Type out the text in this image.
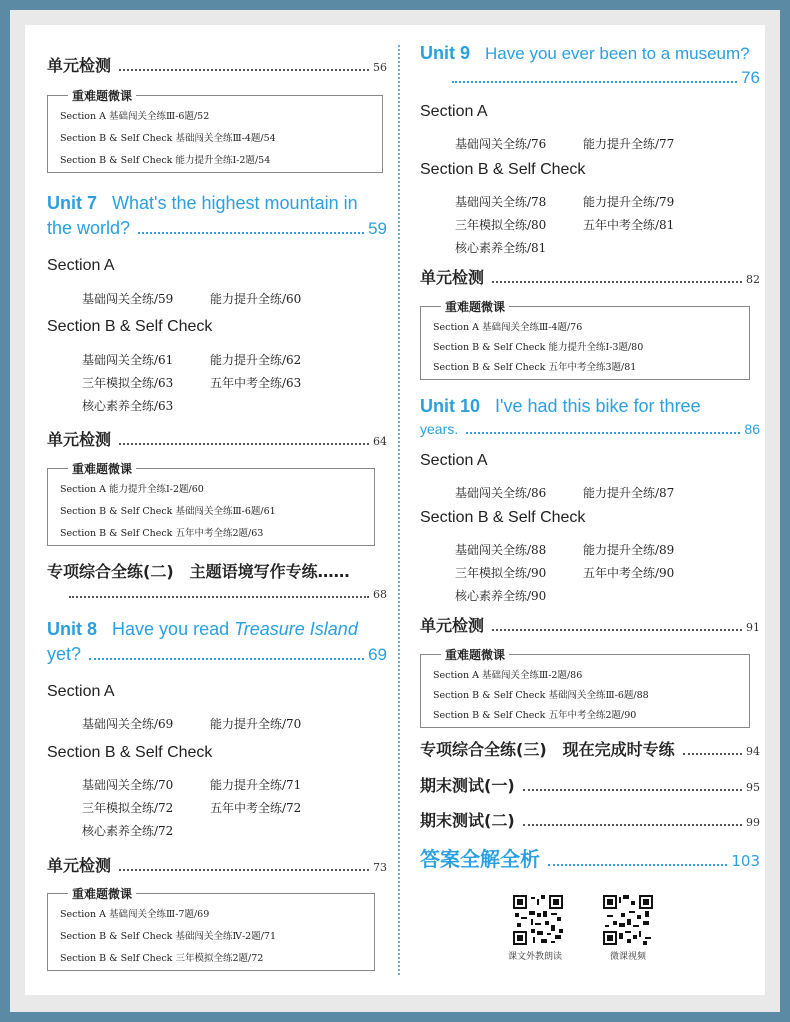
单元检测	56
重难题微课
Section A 基础闯关全练Ⅲ-6题/52
Section B & Self Check 基础闯关全练Ⅲ-4题/54
Section B & Self Check 能力提升全练Ⅰ-2题/54
Unit 7 What's the highest mountain in
the world?	59
Section A
基础闯关全练/59	能力提升全练/60
Section B & Self Check
基础闯关全练/61	能力提升全练/62
三年模拟全练/63	五年中考全练/63
核心素养全练/63
单元检测	64
重难题微课
Section A 能力提升全练Ⅰ-2题/60
Section B & Self Check 基础闯关全练Ⅲ-6题/61
Section B & Self Check 五年中考全练2题/63
专项综合全练(二)　主题语境写作专练……
68
Unit 8 Have you read Treasure Island
yet?	69
Section A
基础闯关全练/69	能力提升全练/70
Section B & Self Check
基础闯关全练/70	能力提升全练/71
三年模拟全练/72	五年中考全练/72
核心素养全练/72
单元检测	73
重难题微课
Section A 基础闯关全练Ⅲ-7题/69
Section B & Self Check 基础闯关全练Ⅳ-2题/71
Section B & Self Check 三年模拟全练2题/72
Unit 9 Have you ever been to a museum?
76
Section A
基础闯关全练/76	能力提升全练/77
Section B & Self Check
基础闯关全练/78	能力提升全练/79
三年模拟全练/80	五年中考全练/81
核心素养全练/81
单元检测	82
重难题微课
Section A 基础闯关全练Ⅲ-4题/76
Section B & Self Check 能力提升全练Ⅰ-3题/80
Section B & Self Check 五年中考全练3题/81
Unit 10 I've had this bike for three
years.	86
Section A
基础闯关全练/86	能力提升全练/87
Section B & Self Check
基础闯关全练/88	能力提升全练/89
三年模拟全练/90	五年中考全练/90
核心素养全练/90
单元检测	91
重难题微课
Section A 基础闯关全练Ⅲ-2题/86
Section B & Self Check 基础闯关全练Ⅲ-6题/88
Section B & Self Check 五年中考全练2题/90
专项综合全练(三)　现在完成时专练	94
期末测试(一)	95
期末测试(二)	99
答案全解全析	103
课文外教朗读	微课视频
